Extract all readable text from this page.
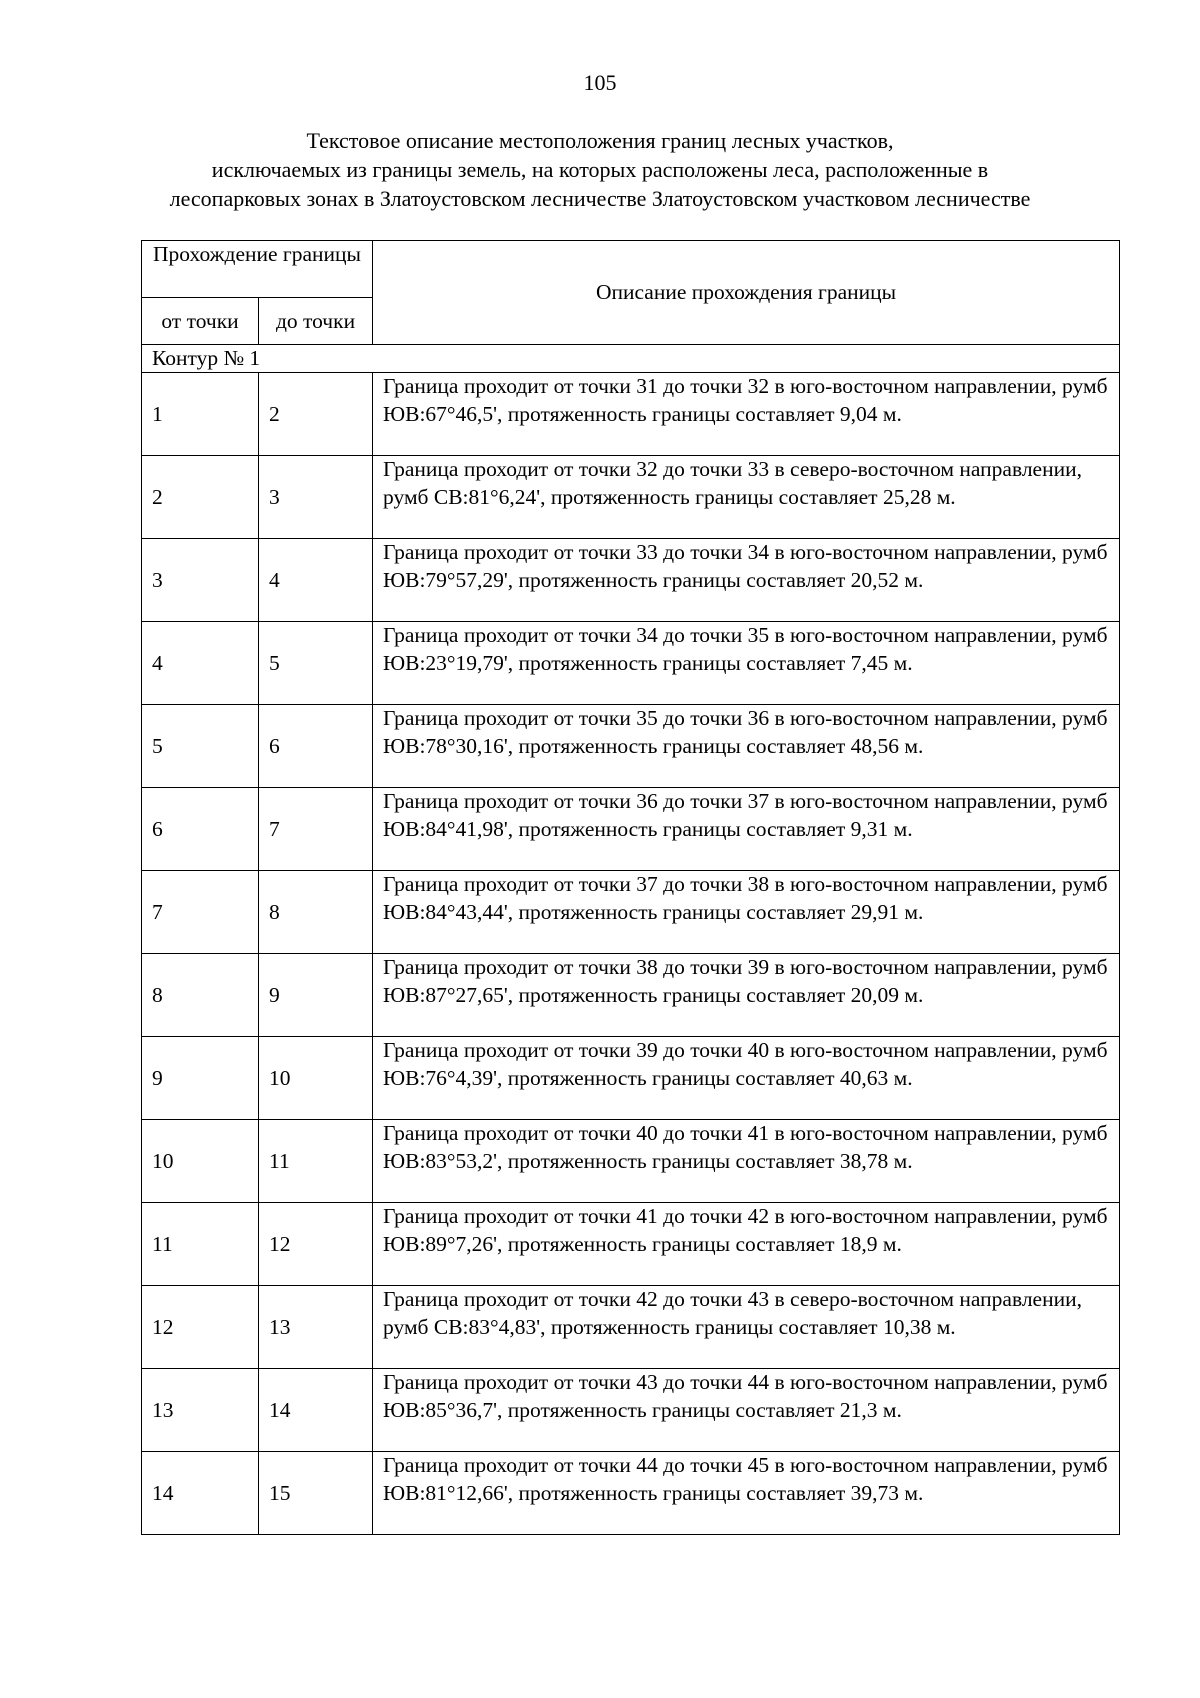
105
Текстовое описание местоположения границ лесных участков,
исключаемых из границы земель, на которых расположены леса, расположенные в
лесопарковых зонах в Златоустовском лесничестве Златоустовском участковом лесничестве
Прохождение границы		Описание прохождения границы
от точки	до точки	
Контур № 1		
1	2	Граница проходит от точки 31 до точки 32 в юго-восточном направлении, румб ЮВ:67°46,5', протяженность границы составляет 9,04 м.
2	3	Граница проходит от точки 32 до точки 33 в северо-восточном направлении, румб СВ:81°6,24', протяженность границы составляет 25,28 м.
3	4	Граница проходит от точки 33 до точки 34 в юго-восточном направлении, румб ЮВ:79°57,29', протяженность границы составляет 20,52 м.
4	5	Граница проходит от точки 34 до точки 35 в юго-восточном направлении, румб ЮВ:23°19,79', протяженность границы составляет 7,45 м.
5	6	Граница проходит от точки 35 до точки 36 в юго-восточном направлении, румб ЮВ:78°30,16', протяженность границы составляет 48,56 м.
6	7	Граница проходит от точки 36 до точки 37 в юго-восточном направлении, румб ЮВ:84°41,98', протяженность границы составляет 9,31 м.
7	8	Граница проходит от точки 37 до точки 38 в юго-восточном направлении, румб ЮВ:84°43,44', протяженность границы составляет 29,91 м.
8	9	Граница проходит от точки 38 до точки 39 в юго-восточном направлении, румб ЮВ:87°27,65', протяженность границы составляет 20,09 м.
9	10	Граница проходит от точки 39 до точки 40 в юго-восточном направлении, румб ЮВ:76°4,39', протяженность границы составляет 40,63 м.
10	11	Граница проходит от точки 40 до точки 41 в юго-восточном направлении, румб ЮВ:83°53,2', протяженность границы составляет 38,78 м.
11	12	Граница проходит от точки 41 до точки 42 в юго-восточном направлении, румб ЮВ:89°7,26', протяженность границы составляет 18,9 м.
12	13	Граница проходит от точки 42 до точки 43 в северо-восточном направлении, румб СВ:83°4,83', протяженность границы составляет 10,38 м.
13	14	Граница проходит от точки 43 до точки 44 в юго-восточном направлении, румб ЮВ:85°36,7', протяженность границы составляет 21,3 м.
14	15	Граница проходит от точки 44 до точки 45 в юго-восточном направлении, румб ЮВ:81°12,66', протяженность границы составляет 39,73 м.
